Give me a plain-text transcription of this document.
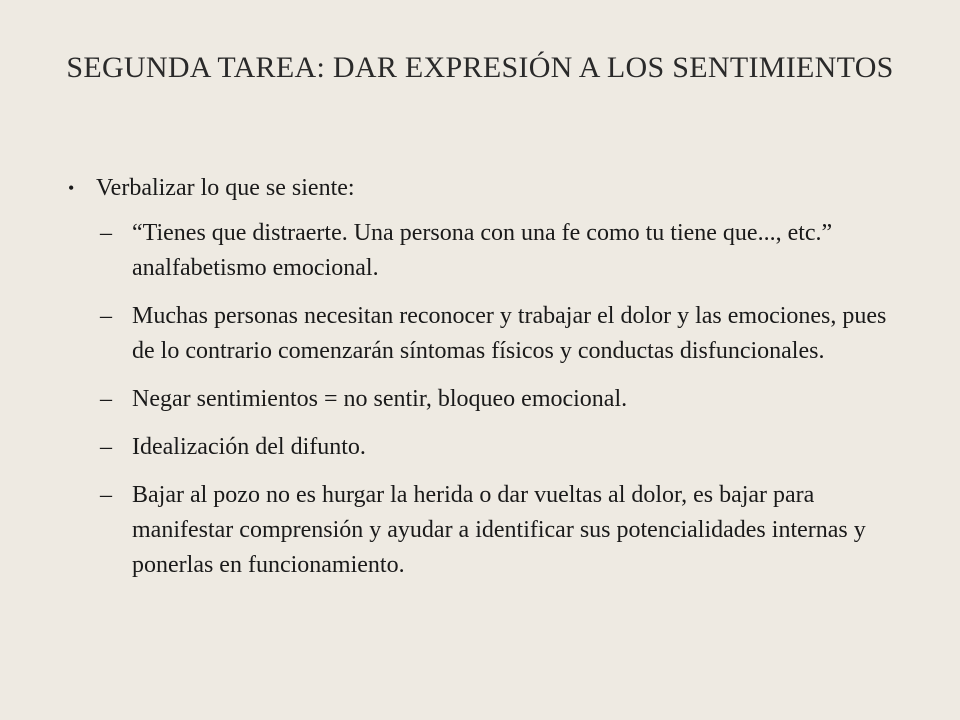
SEGUNDA TAREA: DAR EXPRESIÓN A LOS SENTIMIENTOS
• Verbalizar lo que se siente:
– “Tienes que distraerte. Una persona con una fe como tu tiene que..., etc.” analfabetismo emocional.
– Muchas personas necesitan reconocer y trabajar el dolor y las emociones, pues de lo contrario comenzarán síntomas físicos y conductas disfuncionales.
– Negar sentimientos = no sentir, bloqueo emocional.
– Idealización del difunto.
– Bajar al pozo no es hurgar la herida o dar vueltas al dolor, es bajar para manifestar comprensión y ayudar a identificar sus potencialidades internas y ponerlas en funcionamiento.
